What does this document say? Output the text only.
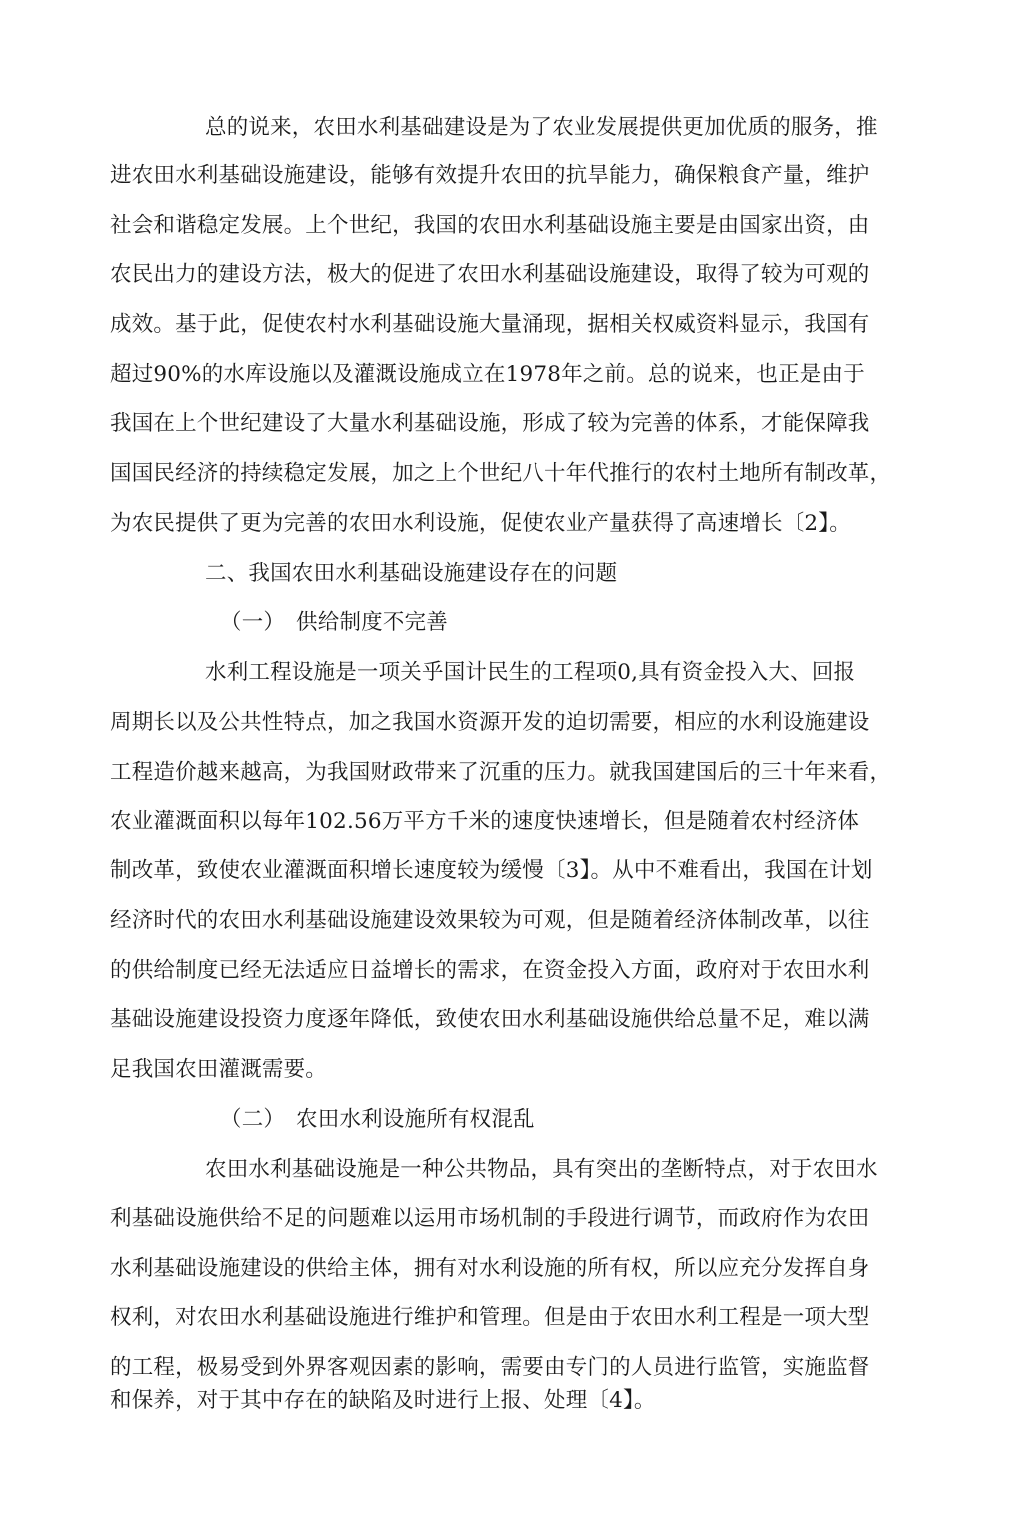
总的说来，农田水利基础建设是为了农业发展提供更加优质的服务，推
进农田水利基础设施建设，能够有效提升农田的抗旱能力，确保粮食产量，维护
社会和谐稳定发展。上个世纪，我国的农田水利基础设施主要是由国家出资，由
农民出力的建设方法，极大的促进了农田水利基础设施建设，取得了较为可观的
成效。基于此，促使农村水利基础设施大量涌现，据相关权威资料显示，我国有
超过90%的水库设施以及灌溉设施成立在1978年之前。总的说来，也正是由于
我国在上个世纪建设了大量水利基础设施，形成了较为完善的体系，才能保障我
国国民经济的持续稳定发展，加之上个世纪八十年代推行的农村土地所有制改革，
为农民提供了更为完善的农田水利设施，促使农业产量获得了高速增长〔2】。
二、我国农田水利基础设施建设存在的问题
（一）　供给制度不完善
水利工程设施是一项关乎国计民生的工程项0,具有资金投入大、回报
周期长以及公共性特点，加之我国水资源开发的迫切需要，相应的水利设施建设
工程造价越来越高，为我国财政带来了沉重的压力。就我国建国后的三十年来看，
农业灌溉面积以每年102.56万平方千米的速度快速增长，但是随着农村经济体
制改革，致使农业灌溉面积增长速度较为缓慢〔3】。从中不难看出，我国在计划
经济时代的农田水利基础设施建设效果较为可观，但是随着经济体制改革，以往
的供给制度已经无法适应日益增长的需求，在资金投入方面，政府对于农田水利
基础设施建设投资力度逐年降低，致使农田水利基础设施供给总量不足，难以满
足我国农田灌溉需要。
（二）　农田水利设施所有权混乱
农田水利基础设施是一种公共物品，具有突出的垄断特点，对于农田水
利基础设施供给不足的问题难以运用市场机制的手段进行调节，而政府作为农田
水利基础设施建设的供给主体，拥有对水利设施的所有权，所以应充分发挥自身
权利，对农田水利基础设施进行维护和管理。但是由于农田水利工程是一项大型
的工程，极易受到外界客观因素的影响，需要由专门的人员进行监管，实施监督
和保养，对于其中存在的缺陷及时进行上报、处理〔4】。
